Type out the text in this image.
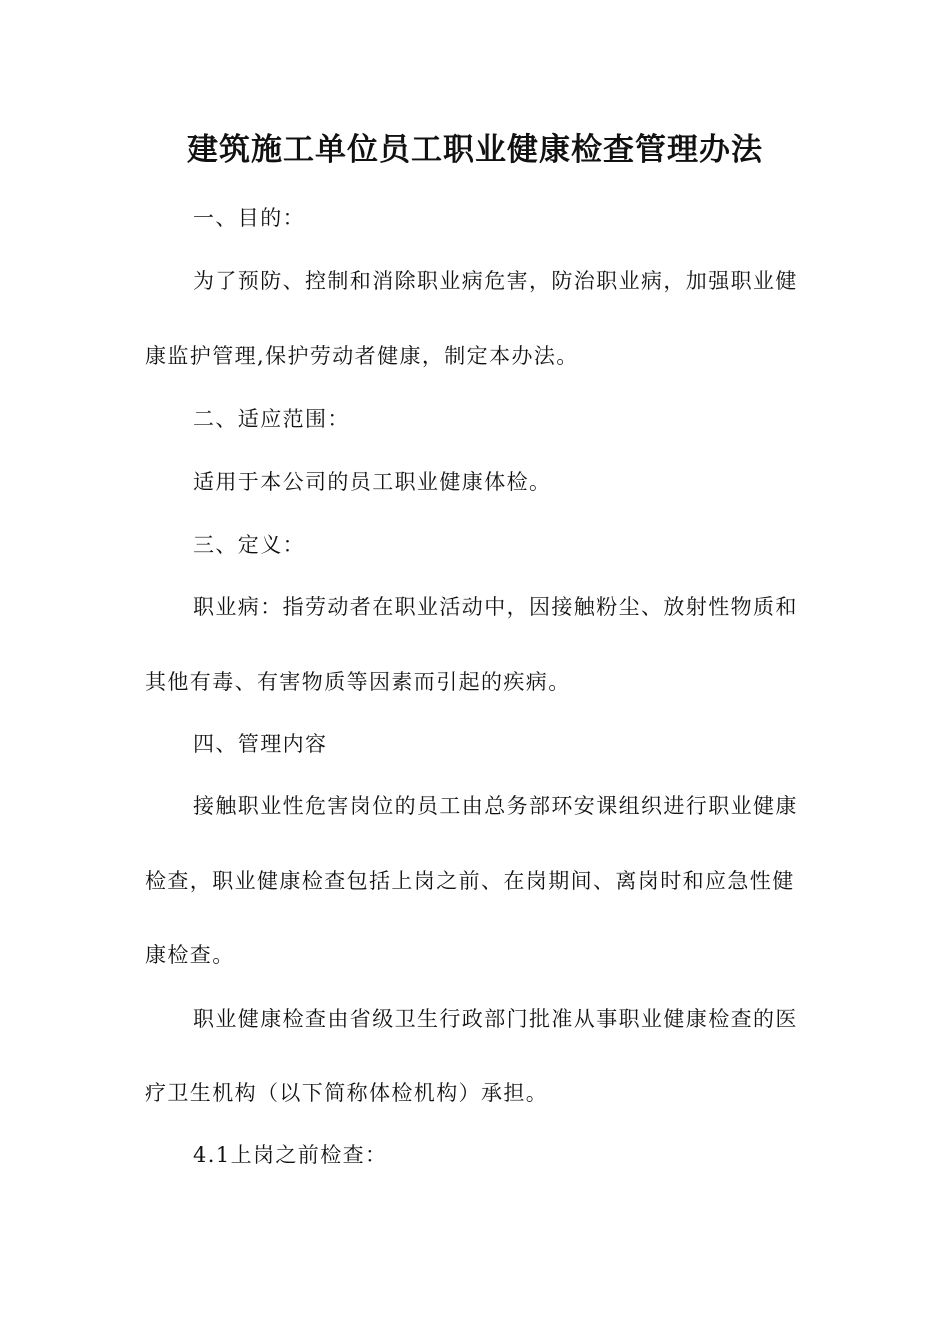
建筑施工单位员工职业健康检查管理办法

一、目的：

为了预防、控制和消除职业病危害，防治职业病，加强职业健

康监护管理,保护劳动者健康，制定本办法。

二、适应范围：

适用于本公司的员工职业健康体检。

三、定义：

职业病：指劳动者在职业活动中，因接触粉尘、放射性物质和

其他有毒、有害物质等因素而引起的疾病。

四、管理内容

接触职业性危害岗位的员工由总务部环安课组织进行职业健康

检查，职业健康检查包括上岗之前、在岗期间、离岗时和应急性健

康检查。

职业健康检查由省级卫生行政部门批准从事职业健康检查的医

疗卫生机构（以下简称体检机构）承担。

4.1上岗之前检查：
